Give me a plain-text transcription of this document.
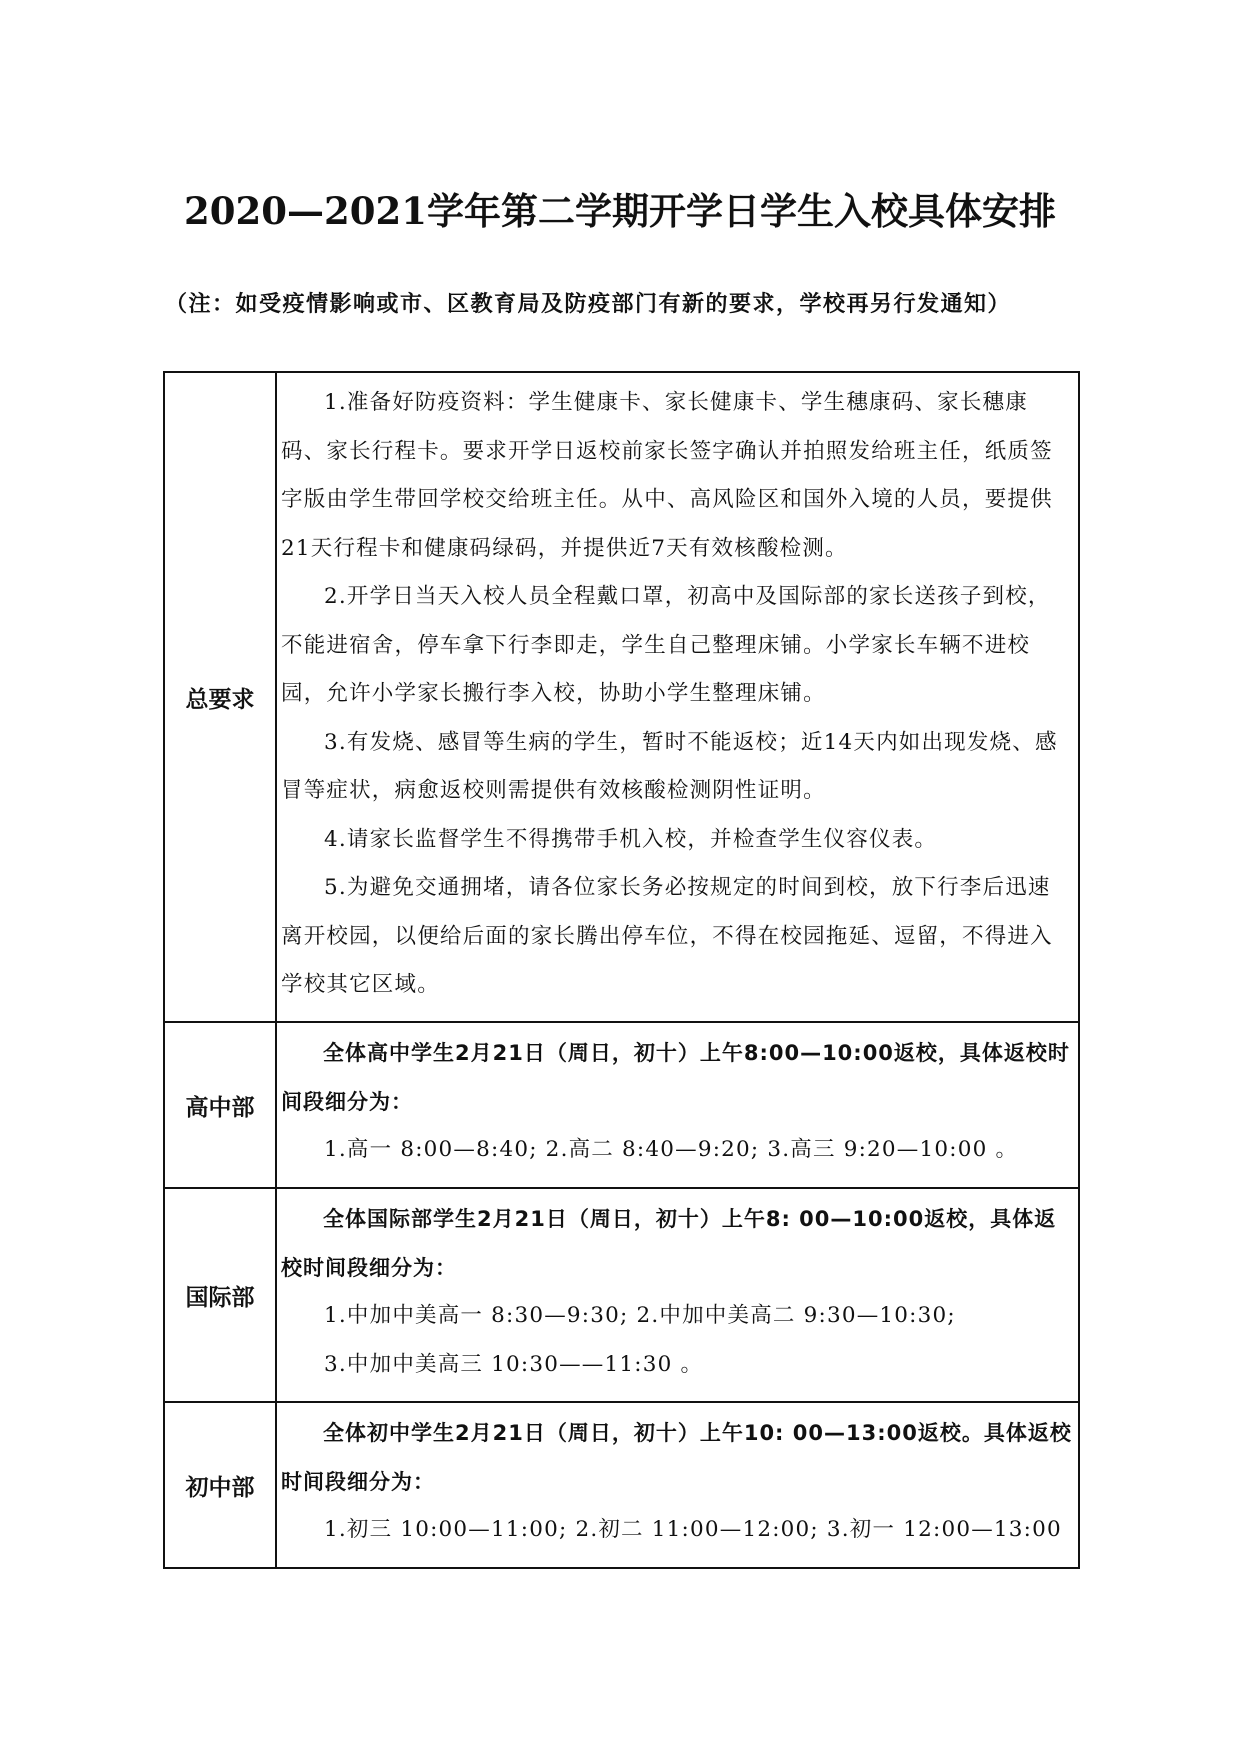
2020—2021学年第二学期开学日学生入校具体安排
（注：如受疫情影响或市、区教育局及防疫部门有新的要求，学校再另行发通知）
总要求	1.准备好防疫资料：学生健康卡、家长健康卡、学生穗康码、家长穗康码、家长行程卡。要求开学日返校前家长签字确认并拍照发给班主任，纸质签字版由学生带回学校交给班主任。从中、高风险区和国外入境的人员，要提供21天行程卡和健康码绿码，并提供近7天有效核酸检测。

2.开学日当天入校人员全程戴口罩，初高中及国际部的家长送孩子到校，不能进宿舍，停车拿下行李即走，学生自己整理床铺。小学家长车辆不进校园，允许小学家长搬行李入校，协助小学生整理床铺。

3.有发烧、感冒等生病的学生，暂时不能返校；近14天内如出现发烧、感冒等症状，病愈返校则需提供有效核酸检测阴性证明。

4.请家长监督学生不得携带手机入校，并检查学生仪容仪表。

5.为避免交通拥堵，请各位家长务必按规定的时间到校，放下行李后迅速离开校园，以便给后面的家长腾出停车位，不得在校园拖延、逗留，不得进入学校其它区域。

高中部	全体高中学生2月21日（周日，初十）上午8:00—10:00返校，具体返校时间段细分为：

1.高一 8:00—8:40; 2.高二 8:40—9:20; 3.高三 9:20—10:00 。

国际部	全体国际部学生2月21日（周日，初十）上午8: 00—10:00返校，具体返校时间段细分为：

1.中加中美高一 8:30—9:30; 2.中加中美高二 9:30—10:30;

3.中加中美高三 10:30——11:30 。

初中部	全体初中学生2月21日（周日，初十）上午10: 00—13:00返校。具体返校时间段细分为：

1.初三 10:00—11:00; 2.初二 11:00—12:00; 3.初一 12:00—13:00
